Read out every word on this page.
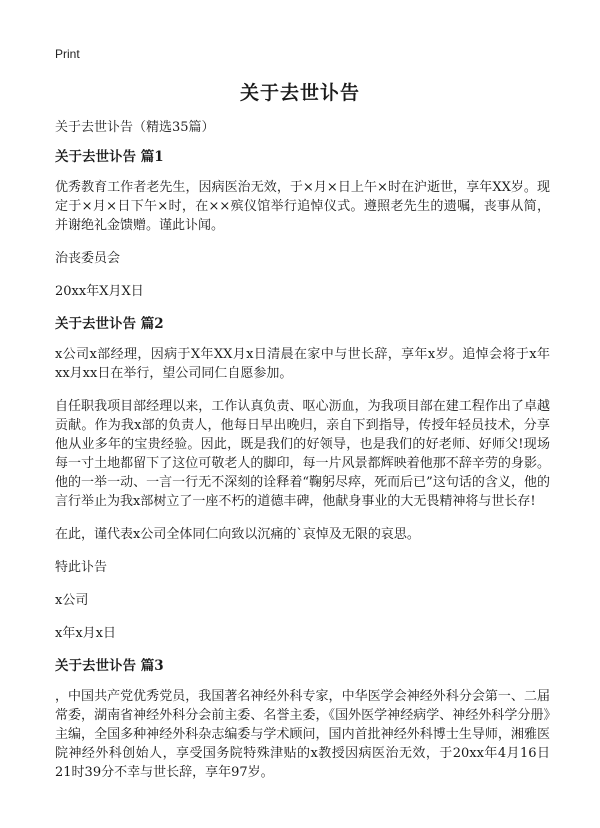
Print
关于去世讣告

关于去世讣告（精选35篇）

关于去世讣告 篇1

优秀教育工作者老先生，因病医治无效，于×月×日上午×时在沪逝世，享年XX岁。现定于×月×日下午×时，在××殡仪馆举行追悼仪式。遵照老先生的遗嘱，丧事从简，并谢绝礼金馈赠。谨此讣闻。

治丧委员会

20xx年X月X日

关于去世讣告 篇2

x公司x部经理，因病于X年XX月x日清晨在家中与世长辞，享年x岁。追悼会将于x年xx月xx日在举行，望公司同仁自愿参加。

自任职我项目部经理以来，工作认真负责、呕心沥血，为我项目部在建工程作出了卓越贡献。作为我x部的负责人，他每日早出晚归，亲自下到指导，传授年轻员技术，分享他从业多年的宝贵经验。因此，既是我们的好领导，也是我们的好老师、好师父!现场每一寸土地都留下了这位可敬老人的脚印，每一片风景都辉映着他那不辞辛劳的身影。他的一举一动、一言一行无不深刻的诠释着“鞠躬尽瘁，死而后已”这句话的含义，他的言行举止为我x部树立了一座不朽的道德丰碑，他献身事业的大无畏精神将与世长存!

在此，谨代表x公司全体同仁向致以沉痛的`哀悼及无限的哀思。

特此讣告

x公司

x年x月x日

关于去世讣告 篇3

，中国共产党优秀党员，我国著名神经外科专家，中华医学会神经外科分会第一、二届常委，湖南省神经外科分会前主委、名誉主委，《国外医学神经病学、神经外科学分册》主编，全国多种神经外科杂志编委与学术顾问，国内首批神经外科博士生导师，湘雅医院神经外科创始人，享受国务院特殊津贴的x教授因病医治无效，于20xx年4月16日21时39分不幸与世长辞，享年97岁。
